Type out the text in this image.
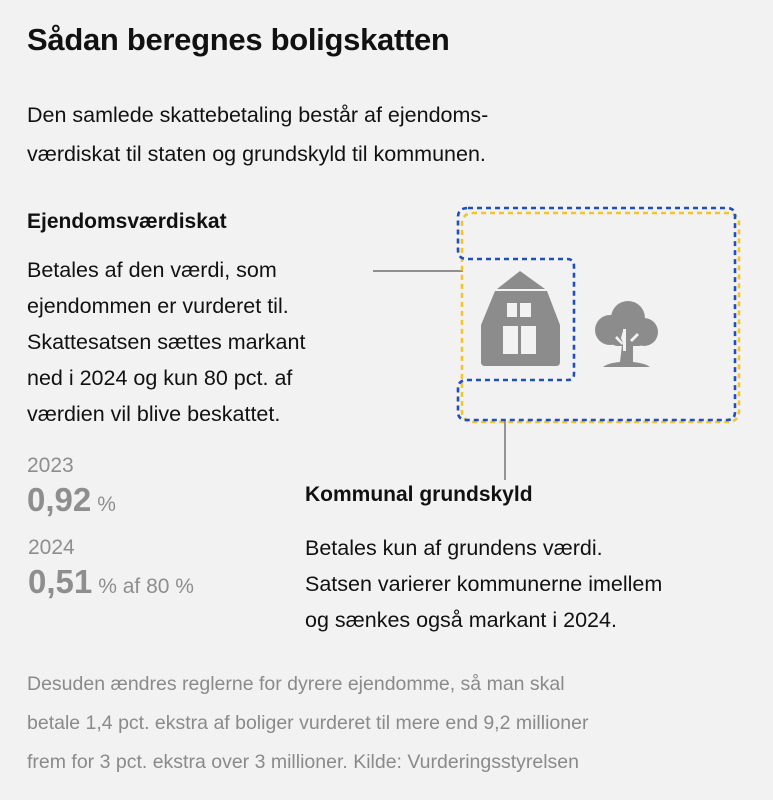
Sådan beregnes boligskatten
Den samlede skattebetaling består af ejendoms-
værdiskat til staten og grundskyld til kommunen.
Ejendomsværdiskat
Betales af den værdi, som
ejendommen er vurderet til.
Skattesatsen sættes markant
ned i 2024 og kun 80 pct. af
værdien vil blive beskattet.
2023
0,92 %
2024
0,51 % af 80 %
Kommunal grundskyld
Betales kun af grundens værdi.
Satsen varierer kommunerne imellem
og sænkes også markant i 2024.
Desuden ændres reglerne for dyrere ejendomme, så man skal
betale 1,4 pct. ekstra af boliger vurderet til mere end 9,2 millioner
frem for 3 pct. ekstra over 3 millioner. Kilde: Vurderingsstyrelsen
